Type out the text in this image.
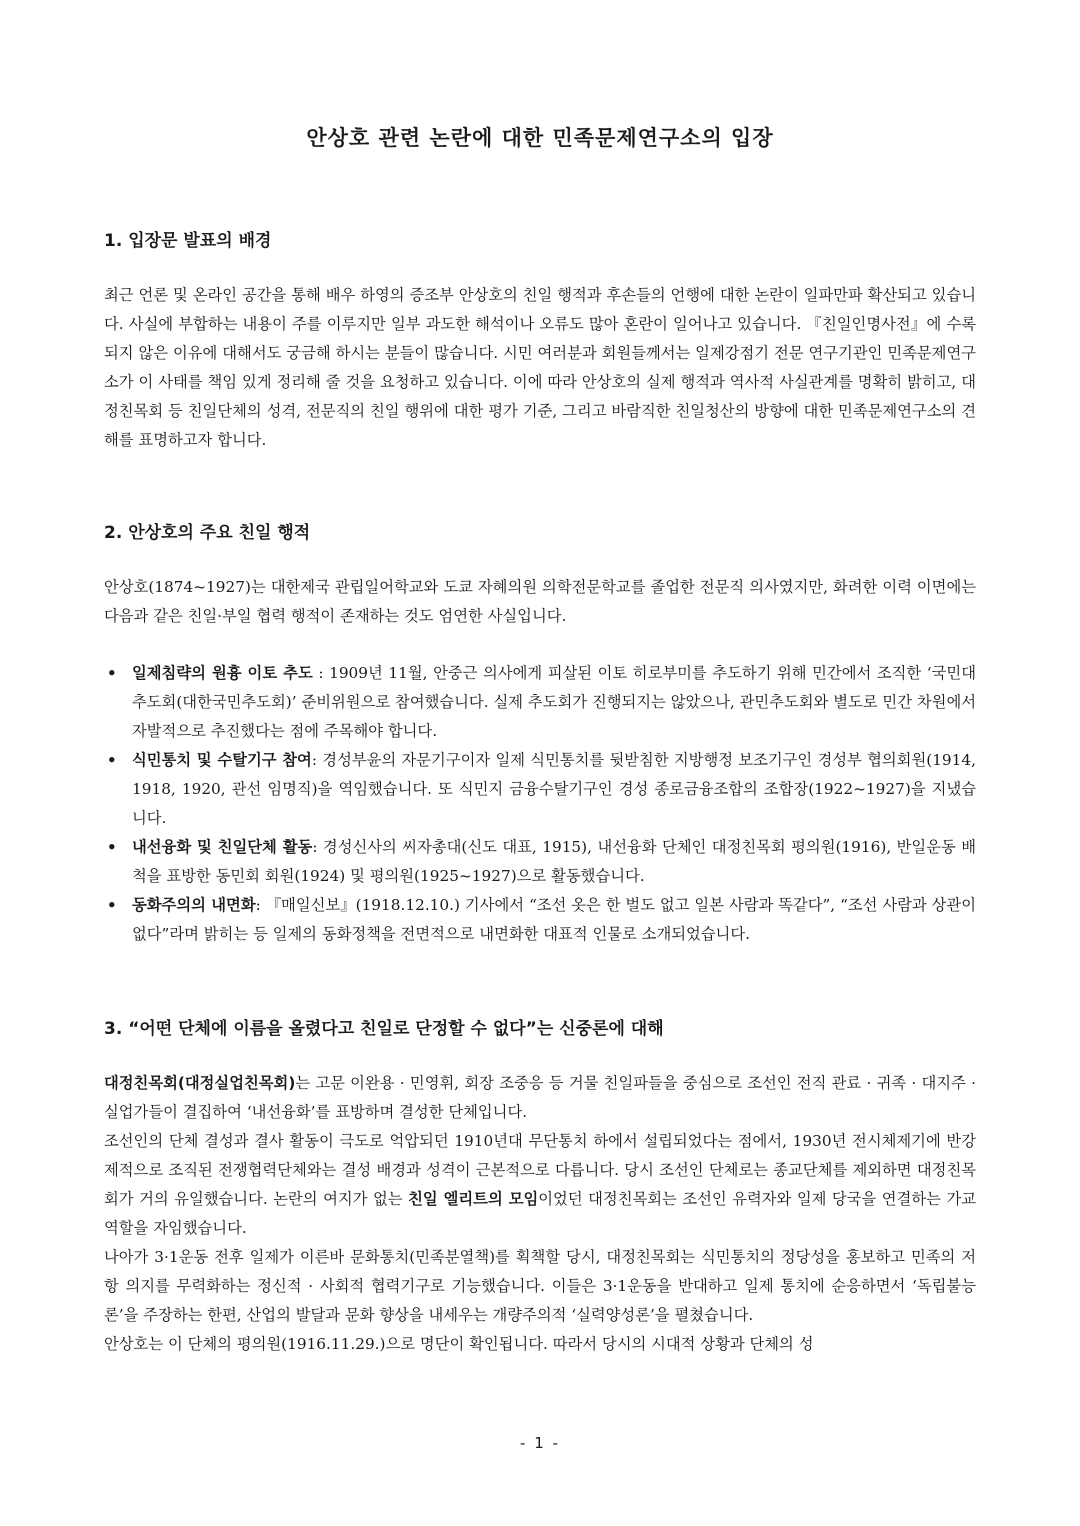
안상호 관련 논란에 대한 민족문제연구소의 입장
1. 입장문 발표의 배경

최근 언론 및 온라인 공간을 통해 배우 하영의 증조부 안상호의 친일 행적과 후손들의 언행에 대한 논란이 일파만파 확산되고 있습니다. 사실에 부합하는 내용이 주를 이루지만 일부 과도한 해석이나 오류도 많아 혼란이 일어나고 있습니다. 『친일인명사전』에 수록되지 않은 이유에 대해서도 궁금해 하시는 분들이 많습니다. 시민 여러분과 회원들께서는 일제강점기 전문 연구기관인 민족문제연구소가 이 사태를 책임 있게 정리해 줄 것을 요청하고 있습니다. 이에 따라 안상호의 실제 행적과 역사적 사실관계를 명확히 밝히고, 대정친목회 등 친일단체의 성격, 전문직의 친일 행위에 대한 평가 기준, 그리고 바람직한 친일청산의 방향에 대한 민족문제연구소의 견해를 표명하고자 합니다.

2. 안상호의 주요 친일 행적

안상호(1874~1927)는 대한제국 관립일어학교와 도쿄 자혜의원 의학전문학교를 졸업한 전문직 의사였지만, 화려한 이력 이면에는 다음과 같은 친일·부일 협력 행적이 존재하는 것도 엄연한 사실입니다.

• 일제침략의 원흉 이토 추도 : 1909년 11월, 안중근 의사에게 피살된 이토 히로부미를 추도하기 위해 민간에서 조직한 ‘국민대추도회(대한국민추도회)’ 준비위원으로 참여했습니다. 실제 추도회가 진행되지는 않았으나, 관민추도회와 별도로 민간 차원에서 자발적으로 추진했다는 점에 주목해야 합니다.
• 식민통치 및 수탈기구 참여: 경성부윤의 자문기구이자 일제 식민통치를 뒷받침한 지방행정 보조기구인 경성부 협의회원(1914, 1918, 1920, 관선 임명직)을 역임했습니다. 또 식민지 금융수탈기구인 경성 종로금융조합의 조합장(1922~1927)을 지냈습니다.
• 내선융화 및 친일단체 활동: 경성신사의 씨자총대(신도 대표, 1915), 내선융화 단체인 대정친목회 평의원(1916), 반일운동 배척을 표방한 동민회 회원(1924) 및 평의원(1925~1927)으로 활동했습니다.
• 동화주의의 내면화: 『매일신보』(1918.12.10.) 기사에서 “조선 옷은 한 벌도 없고 일본 사람과 똑같다”, “조선 사람과 상관이 없다”라며 밝히는 등 일제의 동화정책을 전면적으로 내면화한 대표적 인물로 소개되었습니다.
3. “어떤 단체에 이름을 올렸다고 친일로 단정할 수 없다”는 신중론에 대해

대정친목회(대정실업친목회)는 고문 이완용 · 민영휘, 회장 조중응 등 거물 친일파들을 중심으로 조선인 전직 관료 · 귀족 · 대지주 · 실업가들이 결집하여 ‘내선융화’를 표방하며 결성한 단체입니다.

조선인의 단체 결성과 결사 활동이 극도로 억압되던 1910년대 무단통치 하에서 설립되었다는 점에서, 1930년 전시체제기에 반강제적으로 조직된 전쟁협력단체와는 결성 배경과 성격이 근본적으로 다릅니다. 당시 조선인 단체로는 종교단체를 제외하면 대정친목회가 거의 유일했습니다. 논란의 여지가 없는 친일 엘리트의 모임이었던 대정친목회는 조선인 유력자와 일제 당국을 연결하는 가교 역할을 자임했습니다.

나아가 3·1운동 전후 일제가 이른바 문화통치(민족분열책)를 획책할 당시, 대정친목회는 식민통치의 정당성을 홍보하고 민족의 저항 의지를 무력화하는 정신적 · 사회적 협력기구로 기능했습니다. 이들은 3·1운동을 반대하고 일제 통치에 순응하면서 ‘독립불능론’을 주장하는 한편, 산업의 발달과 문화 향상을 내세우는 개량주의적 ‘실력양성론’을 펼쳤습니다.

안상호는 이 단체의 평의원(1916.11.29.)으로 명단이 확인됩니다. 따라서 당시의 시대적 상황과 단체의 성

- 1 -
